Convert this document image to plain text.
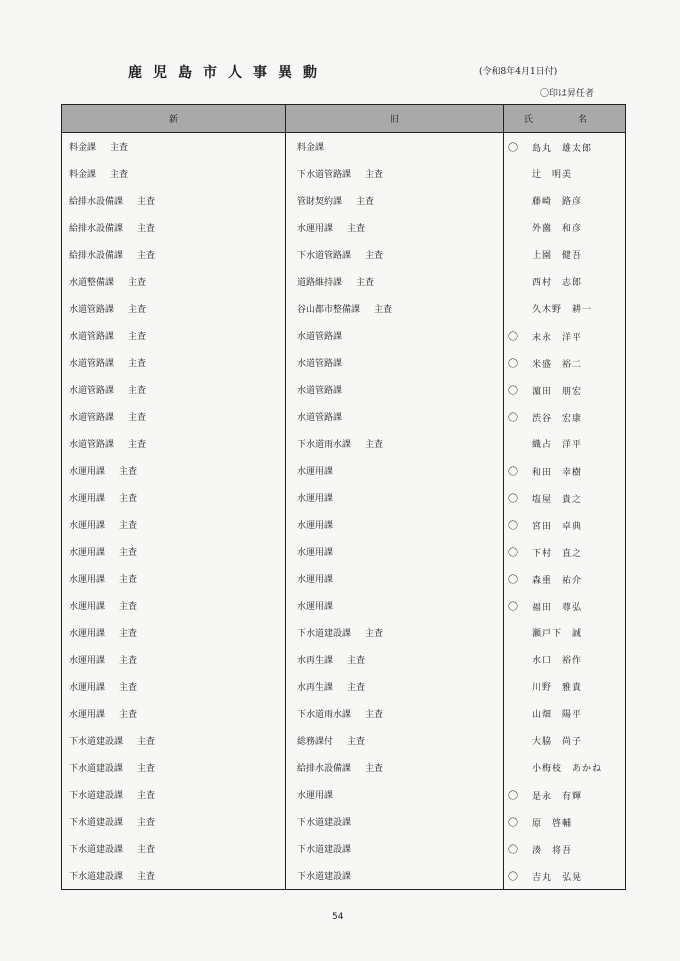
鹿児島市人事異動	(令和8年4月1日付)
〇印は昇任者
新	旧	氏　名
料金課 主査	料金課	〇 島丸　雄太郎
料金課 主査	下水道管路課 主査	辻　明美
給排水設備課 主査	管財契約課 主査	藤崎　路彦
給排水設備課 主査	水運用課 主査	外薗　和彦
給排水設備課 主査	下水道管路課 主査	上園　健吾
水道整備課 主査	道路維持課 主査	西村　志郎
水道管路課 主査	谷山都市整備課 主査	久木野　耕一
水道管路課 主査	水道管路課	〇 末永　洋平
水道管路課 主査	水道管路課	〇 米盛　裕二
水道管路課 主査	水道管路課	〇 濵田　朋宏
水道管路課 主査	水道管路課	〇 渋谷　宏康
水道管路課 主査	下水道雨水課 主査	織占　洋平
水運用課 主査	水運用課	〇 和田　幸樹
水運用課 主査	水運用課	〇 塩屋　貴之
水運用課 主査	水運用課	〇 宮田　卓典
水運用課 主査	水運用課	〇 下村　直之
水運用課 主査	水運用課	〇 森重　祐介
水運用課 主査	水運用課	〇 福田　尊弘
水運用課 主査	下水道建設課 主査	瀬戸下　誠
水運用課 主査	水再生課 主査	水口　裕作
水運用課 主査	水再生課 主査	川野　雅貴
水運用課 主査	下水道雨水課 主査	山畑　陽平
下水道建設課 主査	総務課付 主査	大脇　尚子
下水道建設課 主査	給排水設備課 主査	小梅枝　あかね
下水道建設課 主査	水運用課	〇 是永　有輝
下水道建設課 主査	下水道建設課	〇 原　啓輔
下水道建設課 主査	下水道建設課	〇 湊　将吾
下水道建設課 主査	下水道建設課	〇 吉丸　弘晃
54
